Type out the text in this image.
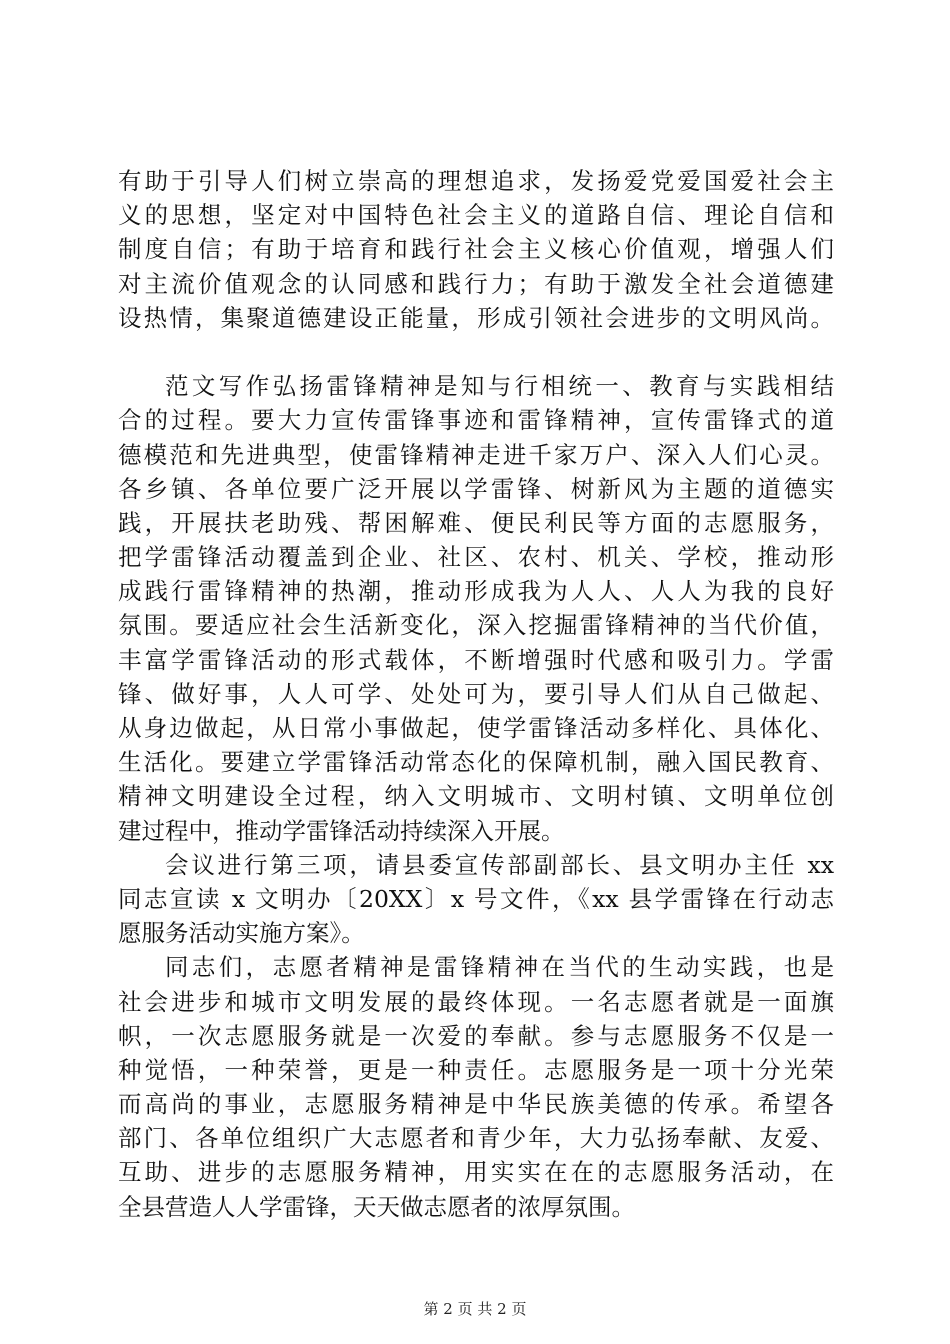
有助于引导人们树立崇高的理想追求，发扬爱党爱国爱社会主
义的思想，坚定对中国特色社会主义的道路自信、理论自信和
制度自信；有助于培育和践行社会主义核心价值观，增强人们
对主流价值观念的认同感和践行力；有助于激发全社会道德建
设热情，集聚道德建设正能量，形成引领社会进步的文明风尚。
范文写作弘扬雷锋精神是知与行相统一、教育与实践相结
合的过程。要大力宣传雷锋事迹和雷锋精神，宣传雷锋式的道
德模范和先进典型，使雷锋精神走进千家万户、深入人们心灵。
各乡镇、各单位要广泛开展以学雷锋、树新风为主题的道德实
践，开展扶老助残、帮困解难、便民利民等方面的志愿服务，
把学雷锋活动覆盖到企业、社区、农村、机关、学校，推动形
成践行雷锋精神的热潮，推动形成我为人人、人人为我的良好
氛围。要适应社会生活新变化，深入挖掘雷锋精神的当代价值，
丰富学雷锋活动的形式载体，不断增强时代感和吸引力。学雷
锋、做好事，人人可学、处处可为，要引导人们从自己做起、
从身边做起，从日常小事做起，使学雷锋活动多样化、具体化、
生活化。要建立学雷锋活动常态化的保障机制，融入国民教育、
精神文明建设全过程，纳入文明城市、文明村镇、文明单位创
建过程中，推动学雷锋活动持续深入开展。
会议进行第三项，请县委宣传部副部长、县文明办主任 xx
同志宣读 x 文明办〔20XX〕x 号文件，《xx 县学雷锋在行动志
愿服务活动实施方案》。
同志们，志愿者精神是雷锋精神在当代的生动实践，也是
社会进步和城市文明发展的最终体现。一名志愿者就是一面旗
帜，一次志愿服务就是一次爱的奉献。参与志愿服务不仅是一
种觉悟，一种荣誉，更是一种责任。志愿服务是一项十分光荣
而高尚的事业，志愿服务精神是中华民族美德的传承。希望各
部门、各单位组织广大志愿者和青少年，大力弘扬奉献、友爱、
互助、进步的志愿服务精神，用实实在在的志愿服务活动，在
全县营造人人学雷锋，天天做志愿者的浓厚氛围。
第 2 页 共 2 页
